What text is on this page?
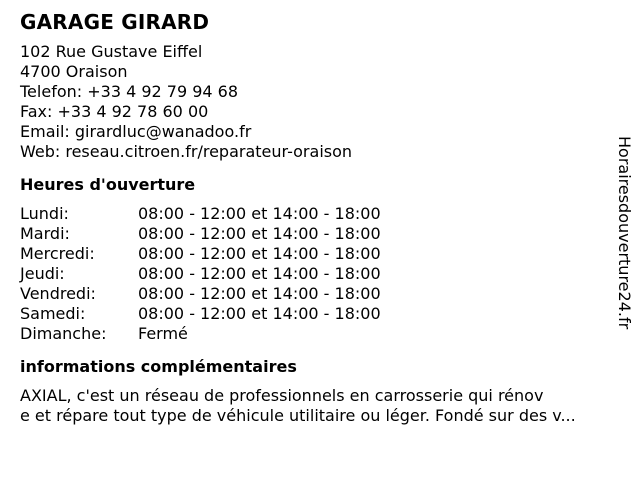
GARAGE GIRARD
102 Rue Gustave Eiffel
4700 Oraison
Telefon: +33 4 92 79 94 68
Fax: +33 4 92 78 60 00
Email: girardluc@wanadoo.fr
Web: reseau.citroen.fr/reparateur-oraison
Heures d'ouverture
Lundi:	08:00 - 12:00 et 14:00 - 18:00
Mardi:	08:00 - 12:00 et 14:00 - 18:00
Mercredi:	08:00 - 12:00 et 14:00 - 18:00
Jeudi:	08:00 - 12:00 et 14:00 - 18:00
Vendredi:	08:00 - 12:00 et 14:00 - 18:00
Samedi:	08:00 - 12:00 et 14:00 - 18:00
Dimanche:	Fermé
informations complémentaires
AXIAL, c'est un réseau de professionnels en carrosserie qui rénov
e et répare tout type de véhicule utilitaire ou léger. Fondé sur des v...
Horairesdouverture24.fr
